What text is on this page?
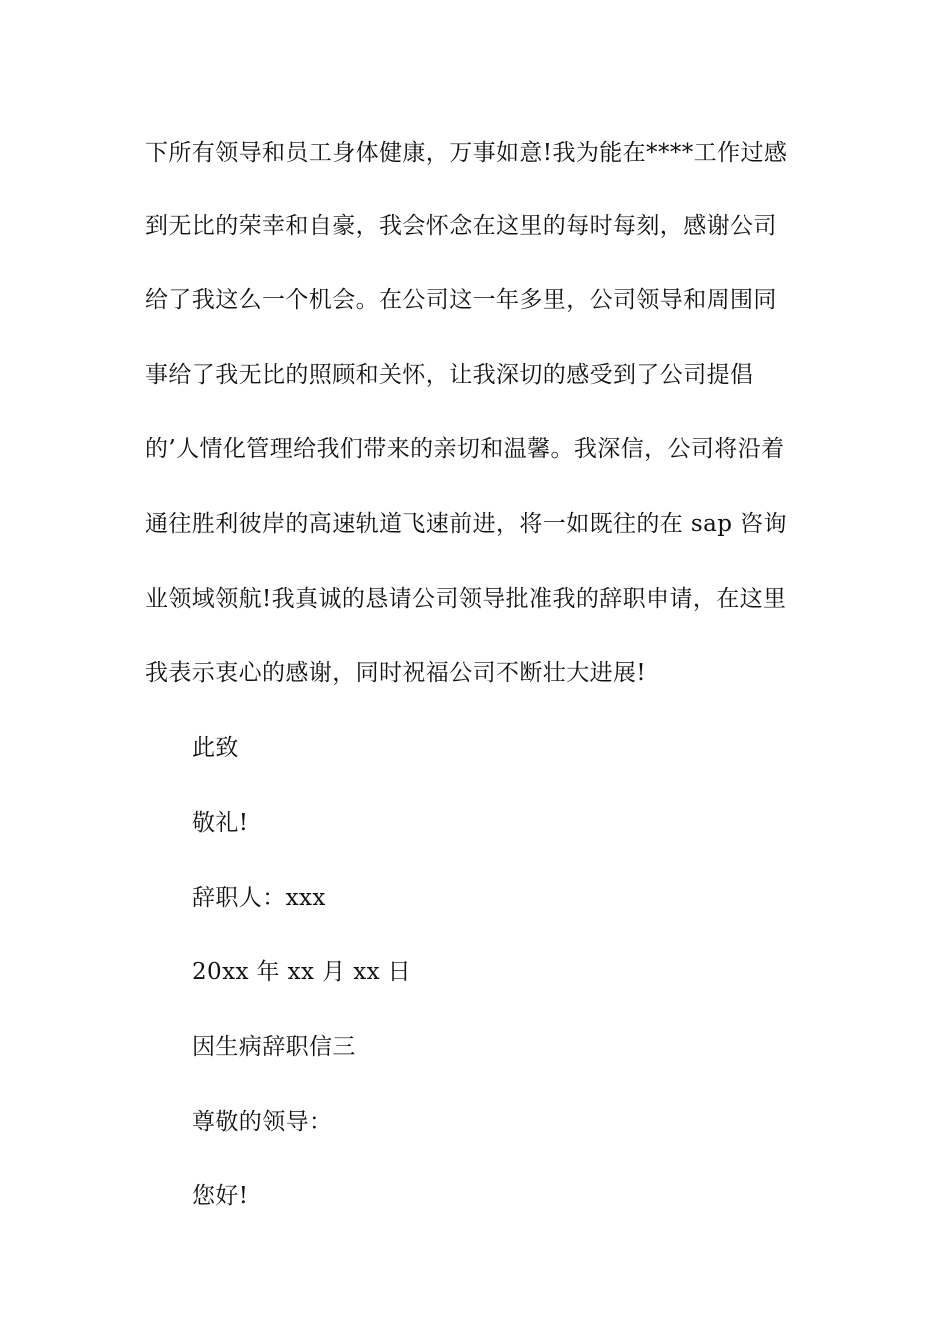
下所有领导和员工身体健康，万事如意!我为能在****工作过感
到无比的荣幸和自豪，我会怀念在这里的每时每刻，感谢公司
给了我这么一个机会。在公司这一年多里，公司领导和周围同
事给了我无比的照顾和关怀，让我深切的感受到了公司提倡
的’人情化管理给我们带来的亲切和温馨。我深信，公司将沿着
通往胜利彼岸的高速轨道飞速前进，将一如既往的在 sap 咨询
业领域领航!我真诚的恳请公司领导批准我的辞职申请，在这里
我表示衷心的感谢，同时祝福公司不断壮大进展!
此致
敬礼!
辞职人：xxx
20xx 年 xx 月 xx 日
因生病辞职信三
尊敬的领导：
您好!
